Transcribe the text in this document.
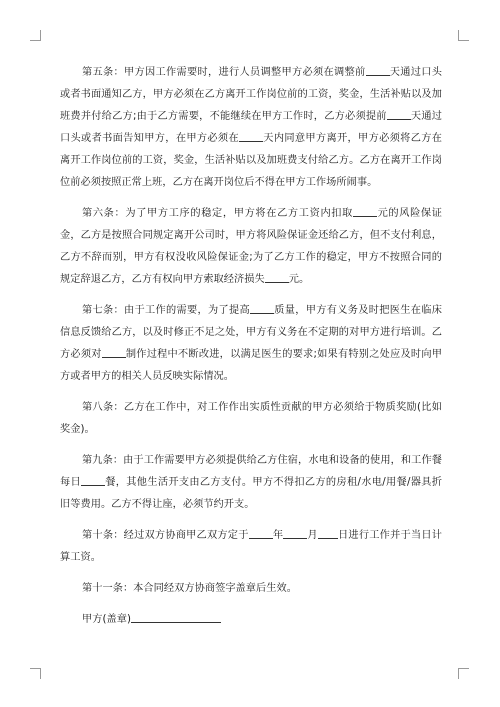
第五条：甲方因工作需要时，进行人员调整甲方必须在调整前 天通过口头或者书面通知乙方，甲方必须在乙方离开工作岗位前的工资，奖金，生活补贴以及加班费并付给乙方;由于乙方需要，不能继续在甲方工作时，乙方必须提前 天通过口头或者书面告知甲方，在甲方必须在 天内同意甲方离开，甲方必须将乙方在离开工作岗位前的工资，奖金，生活补贴以及加班费支付给乙方。乙方在离开工作岗位前必须按照正常上班，乙方在离开岗位后不得在甲方工作场所闹事。

第六条：为了甲方工序的稳定，甲方将在乙方工资内扣取 元的风险保证金，乙方是按照合同规定离开公司时，甲方将风险保证金还给乙方，但不支付利息，乙方不辞而别，甲方有权没收风险保证金;为了乙方工作的稳定，甲方不按照合同的规定辞退乙方，乙方有权向甲方索取经济损失 元。

第七条：由于工作的需要，为了提高 质量，甲方有义务及时把医生在临床信息反馈给乙方，以及时修正不足之处，甲方有义务在不定期的对甲方进行培训。乙方必须对 制作过程中不断改进，以满足医生的要求;如果有特别之处应及时向甲方或者甲方的相关人员反映实际情况。

第八条：乙方在工作中，对工作作出实质性贡献的甲方必须给于物质奖励(比如奖金)。

第九条：由于工作需要甲方必须提供给乙方住宿，水电和设备的使用，和工作餐每日 餐，其他生活开支由乙方支付。甲方不得扣乙方的房租/水电/用餐/器具折旧等费用。乙方不得让座，必须节约开支。

第十条：经过双方协商甲乙双方定于 年 月 日进行工作并于当日计算工资。

第十一条：本合同经双方协商签字盖章后生效。

甲方(盖章)
